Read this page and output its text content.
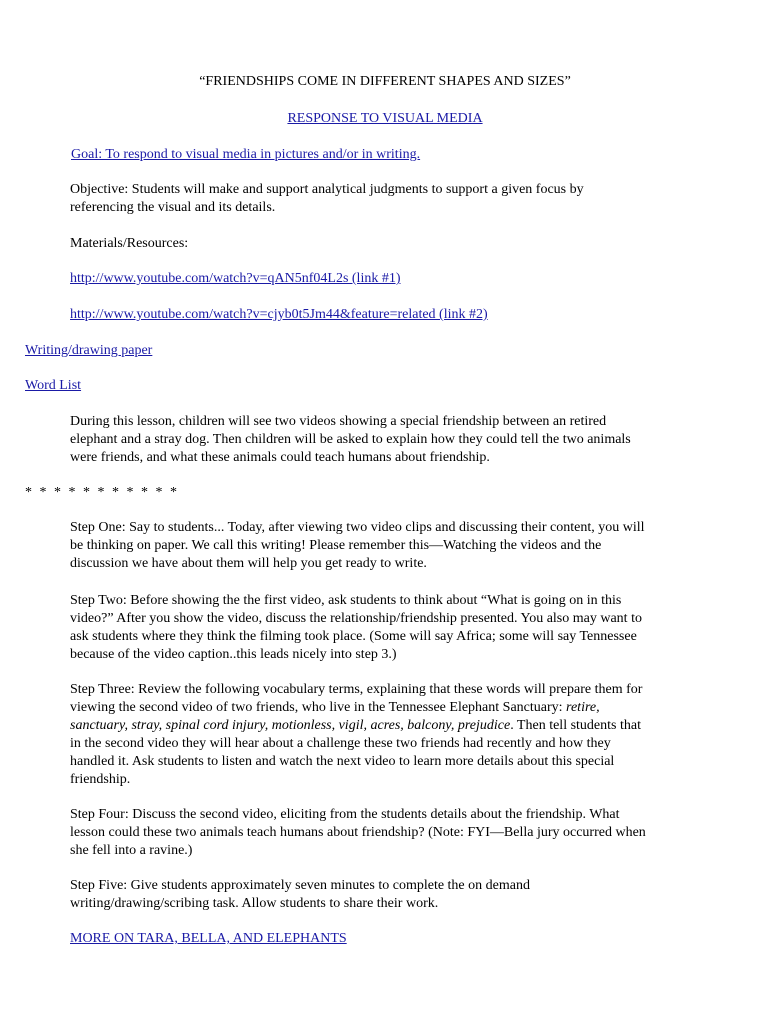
“FRIENDSHIPS COME IN DIFFERENT SHAPES AND SIZES”
RESPONSE TO VISUAL MEDIA
Goal: To respond to visual media in pictures and/or in writing.
Objective: Students will make and support analytical judgments to support a given focus by
referencing the visual and its details.
Materials/Resources:
http://www.youtube.com/watch?v=qAN5nf04L2s (link #1)
http://www.youtube.com/watch?v=cjyb0t5Jm44&feature=related (link #2)
Writing/drawing paper
Word List
During this lesson, children will see two videos showing a special friendship between an retired
elephant and a stray dog. Then children will be asked to explain how they could tell the two animals
were friends, and what these animals could teach humans about friendship.
* * * * * * * * * * *
Step One: Say to students... Today, after viewing two video clips and discussing their content, you will
be thinking on paper. We call this writing! Please remember this—Watching the videos and the
discussion we have about them will help you get ready to write.
Step Two: Before showing the the first video, ask students to think about “What is going on in this
video?” After you show the video, discuss the relationship/friendship presented. You also may want to
ask students where they think the filming took place. (Some will say Africa; some will say Tennessee
because of the video caption..this leads nicely into step 3.)
Step Three: Review the following vocabulary terms, explaining that these words will prepare them for
viewing the second video of two friends, who live in the Tennessee Elephant Sanctuary: retire,
sanctuary, stray, spinal cord injury, motionless, vigil, acres, balcony, prejudice. Then tell students that
in the second video they will hear about a challenge these two friends had recently and how they
handled it. Ask students to listen and watch the next video to learn more details about this special
friendship.
Step Four: Discuss the second video, eliciting from the students details about the friendship. What
lesson could these two animals teach humans about friendship? (Note: FYI—Bella jury occurred when
she fell into a ravine.)
Step Five: Give students approximately seven minutes to complete the on demand
writing/drawing/scribing task. Allow students to share their work.
MORE ON TARA, BELLA, AND ELEPHANTS
